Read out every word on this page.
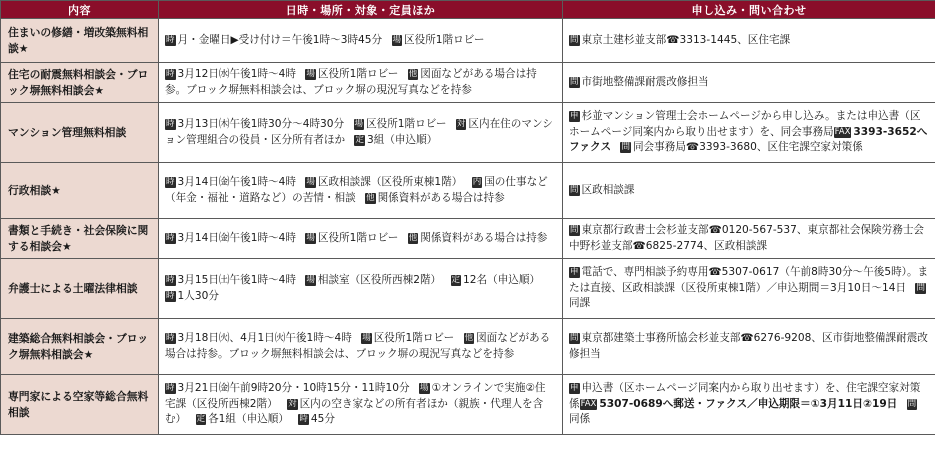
内容	日時・場所・対象・定員ほか	申し込み・問い合わせ
住まいの修繕・増改築無料相談★	時 月・金曜日▶受け付け＝午後1時～3時45分 場 区役所1階ロビー	問 東京土建杉並支部☎3313-1445、区住宅課
住宅の耐震無料相談会・ブロック塀無料相談会★	時 3月12日㈬午後1時～4時 場 区役所1階ロビー 他 図面などがある場合は持参。ブロック塀無料相談会は、ブロック塀の現況写真などを持参	問 市街地整備課耐震改修担当
マンション管理無料相談	時 3月13日㈭午後1時30分～4時30分 場 区役所1階ロビー 対 区内在住のマンション管理組合の役員・区分所有者ほか 定 3組（申込順）	申 杉並マンション管理士会ホームページから申し込み。または申込書（区ホームページ同案内から取り出せます）を、同会事務局FAX 3393-3652へファクス 問 同会事務局☎3393-3680、区住宅課空家対策係
行政相談★	時 3月14日㈮午後1時～4時 場 区政相談課（区役所東棟1階） 内 国の仕事など（年金・福祉・道路など）の苦情・相談 他 関係資料がある場合は持参	問 区政相談課
書類と手続き・社会保険に関する相談会★	時 3月14日㈮午後1時～4時 場 区役所1階ロビー 他 関係資料がある場合は持参	問 東京都行政書士会杉並支部☎0120-567-537、東京都社会保険労務士会中野杉並支部☎6825-2774、区政相談課
弁護士による土曜法律相談	時 3月15日㈯午後1時～4時 場 相談室（区役所西棟2階） 定 12名（申込順） 時 1人30分	申 電話で、専門相談予約専用☎5307-0617（午前8時30分～午後5時）。または直接、区政相談課（区役所東棟1階）／申込期間＝3月10日～14日 問同課
建築総合無料相談会・ブロック塀無料相談会★	時 3月18日㈫、4月1日㈫午後1時～4時 場 区役所1階ロビー 他 図面などがある場合は持参。ブロック塀無料相談会は、ブロック塀の現況写真などを持参	問 東京都建築士事務所協会杉並支部☎6276-9208、区市街地整備課耐震改修担当
専門家による空家等総合無料相談	時 3月21日㈮午前9時20分・10時15分・11時10分 場 ①オンラインで実施②住宅課（区役所西棟2階） 対 区内の空き家などの所有者ほか（親族・代理人を含む） 定 各1組（申込順） 時 45分	申 申込書（区ホームページ同案内から取り出せます）を、住宅課空家対策係FAX 5307-0689へ郵送・ファクス／申込期限＝①3月11日②19日 問同係
